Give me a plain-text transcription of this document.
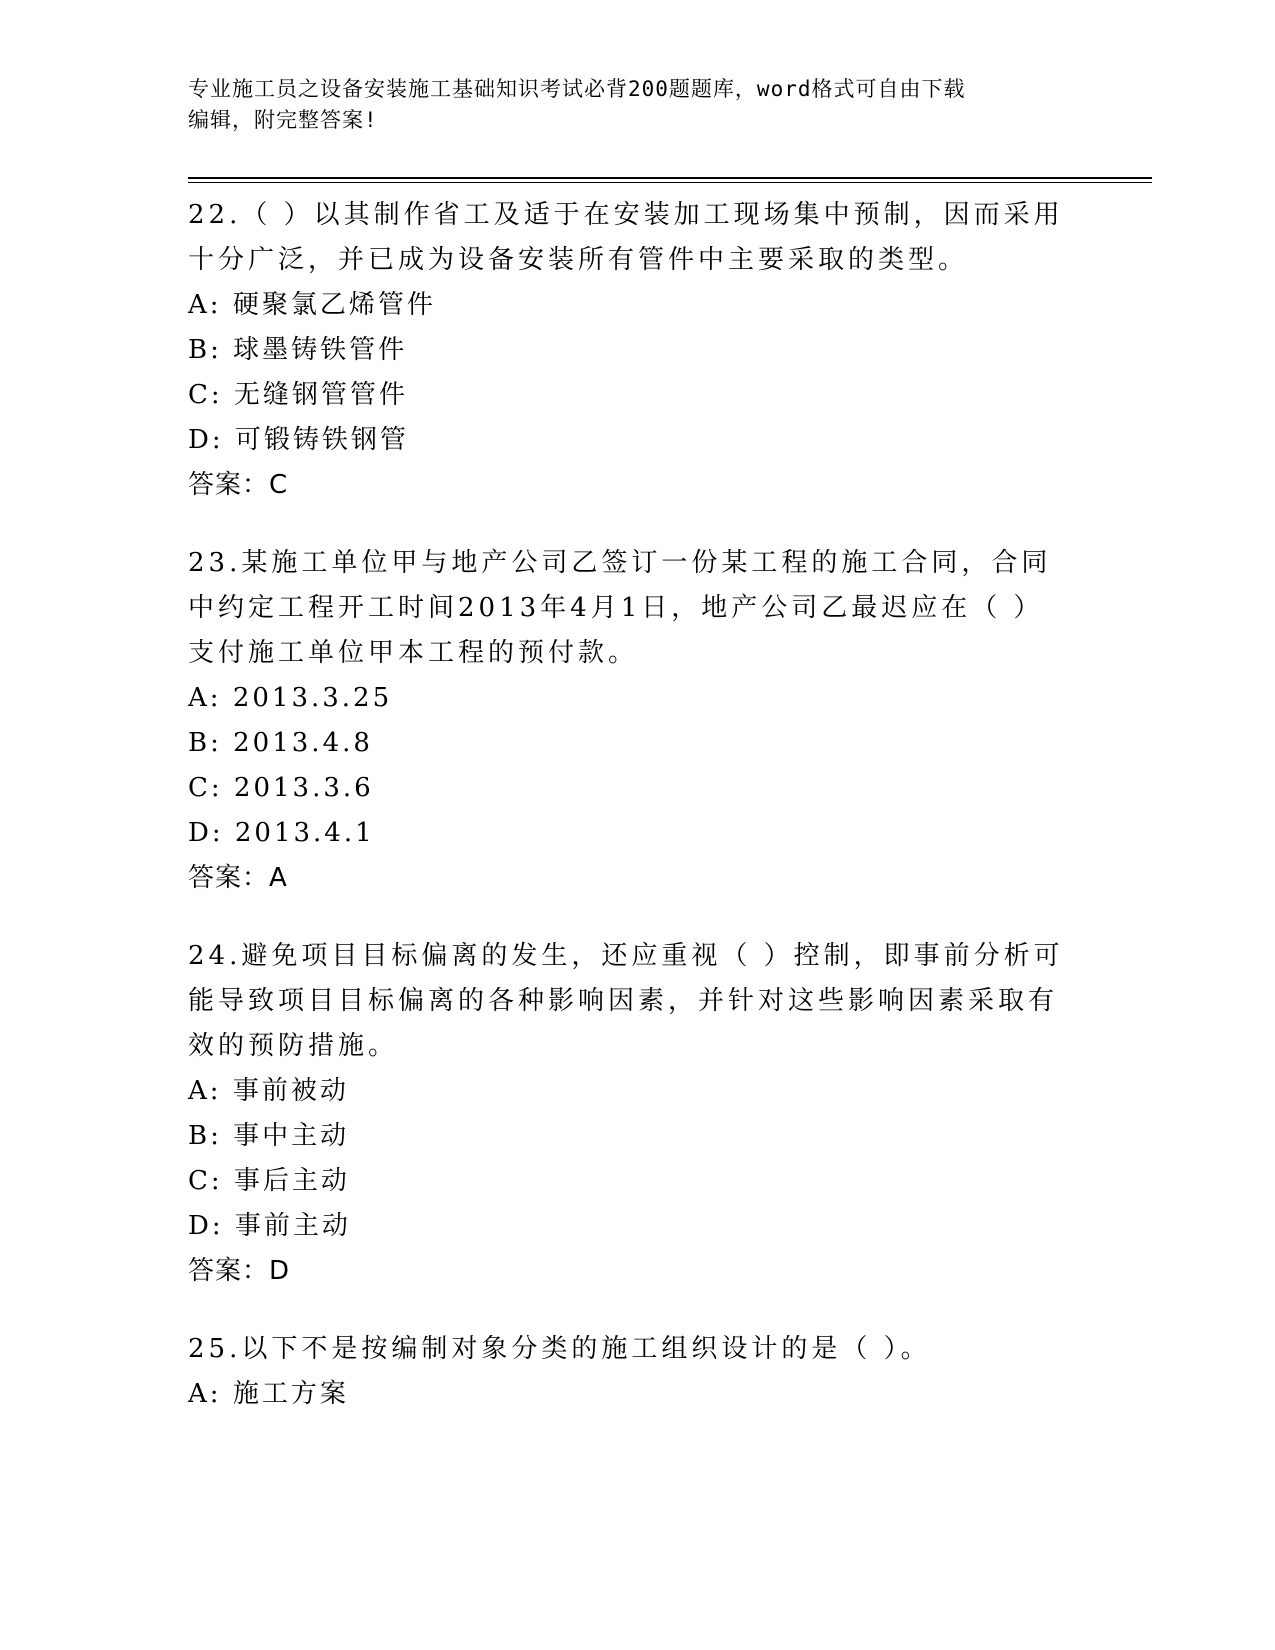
专业施工员之设备安装施工基础知识考试必背200题题库，word格式可自由下载
编辑，附完整答案!
22.（ ）以其制作省工及适于在安装加工现场集中预制，因而采用十分广泛，并已成为设备安装所有管件中主要采取的类型。
A: 硬聚氯乙烯管件
B: 球墨铸铁管件
C: 无缝钢管管件
D: 可锻铸铁钢管
答案：C
23.某施工单位甲与地产公司乙签订一份某工程的施工合同，合同中约定工程开工时间2013年4月1日，地产公司乙最迟应在（ ）支付施工单位甲本工程的预付款。
A: 2013.3.25
B: 2013.4.8
C: 2013.3.6
D: 2013.4.1
答案：A
24.避免项目目标偏离的发生，还应重视（ ）控制，即事前分析可能导致项目目标偏离的各种影响因素，并针对这些影响因素采取有效的预防措施。
A: 事前被动
B: 事中主动
C: 事后主动
D: 事前主动
答案：D
25.以下不是按编制对象分类的施工组织设计的是（ ）。
A: 施工方案
